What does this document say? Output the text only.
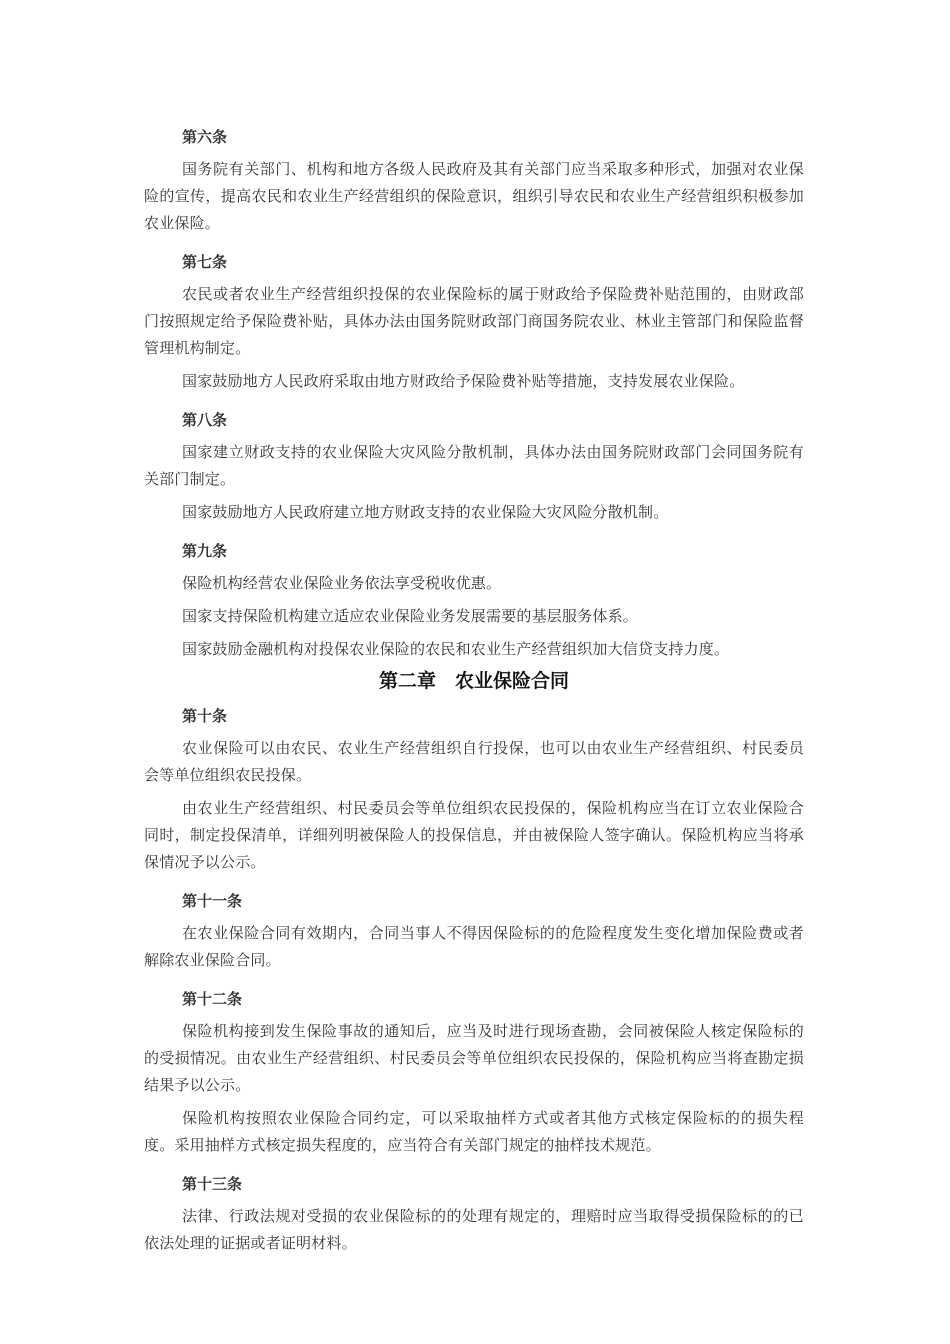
第六条

国务院有关部门、机构和地方各级人民政府及其有关部门应当采取多种形式，加强对农业保险的宣传，提高农民和农业生产经营组织的保险意识，组织引导农民和农业生产经营组织积极参加农业保险。

第七条

农民或者农业生产经营组织投保的农业保险标的属于财政给予保险费补贴范围的，由财政部门按照规定给予保险费补贴，具体办法由国务院财政部门商国务院农业、林业主管部门和保险监督管理机构制定。

国家鼓励地方人民政府采取由地方财政给予保险费补贴等措施，支持发展农业保险。

第八条

国家建立财政支持的农业保险大灾风险分散机制，具体办法由国务院财政部门会同国务院有关部门制定。

国家鼓励地方人民政府建立地方财政支持的农业保险大灾风险分散机制。

第九条

保险机构经营农业保险业务依法享受税收优惠。

国家支持保险机构建立适应农业保险业务发展需要的基层服务体系。

国家鼓励金融机构对投保农业保险的农民和农业生产经营组织加大信贷支持力度。

第二章　农业保险合同
第十条

农业保险可以由农民、农业生产经营组织自行投保，也可以由农业生产经营组织、村民委员会等单位组织农民投保。

由农业生产经营组织、村民委员会等单位组织农民投保的，保险机构应当在订立农业保险合同时，制定投保清单，详细列明被保险人的投保信息，并由被保险人签字确认。保险机构应当将承保情况予以公示。

第十一条

在农业保险合同有效期内，合同当事人不得因保险标的的危险程度发生变化增加保险费或者解除农业保险合同。

第十二条

保险机构接到发生保险事故的通知后，应当及时进行现场查勘，会同被保险人核定保险标的的受损情况。由农业生产经营组织、村民委员会等单位组织农民投保的，保险机构应当将查勘定损结果予以公示。

保险机构按照农业保险合同约定，可以采取抽样方式或者其他方式核定保险标的的损失程度。采用抽样方式核定损失程度的，应当符合有关部门规定的抽样技术规范。

第十三条

法律、行政法规对受损的农业保险标的的处理有规定的，理赔时应当取得受损保险标的的已依法处理的证据或者证明材料。
